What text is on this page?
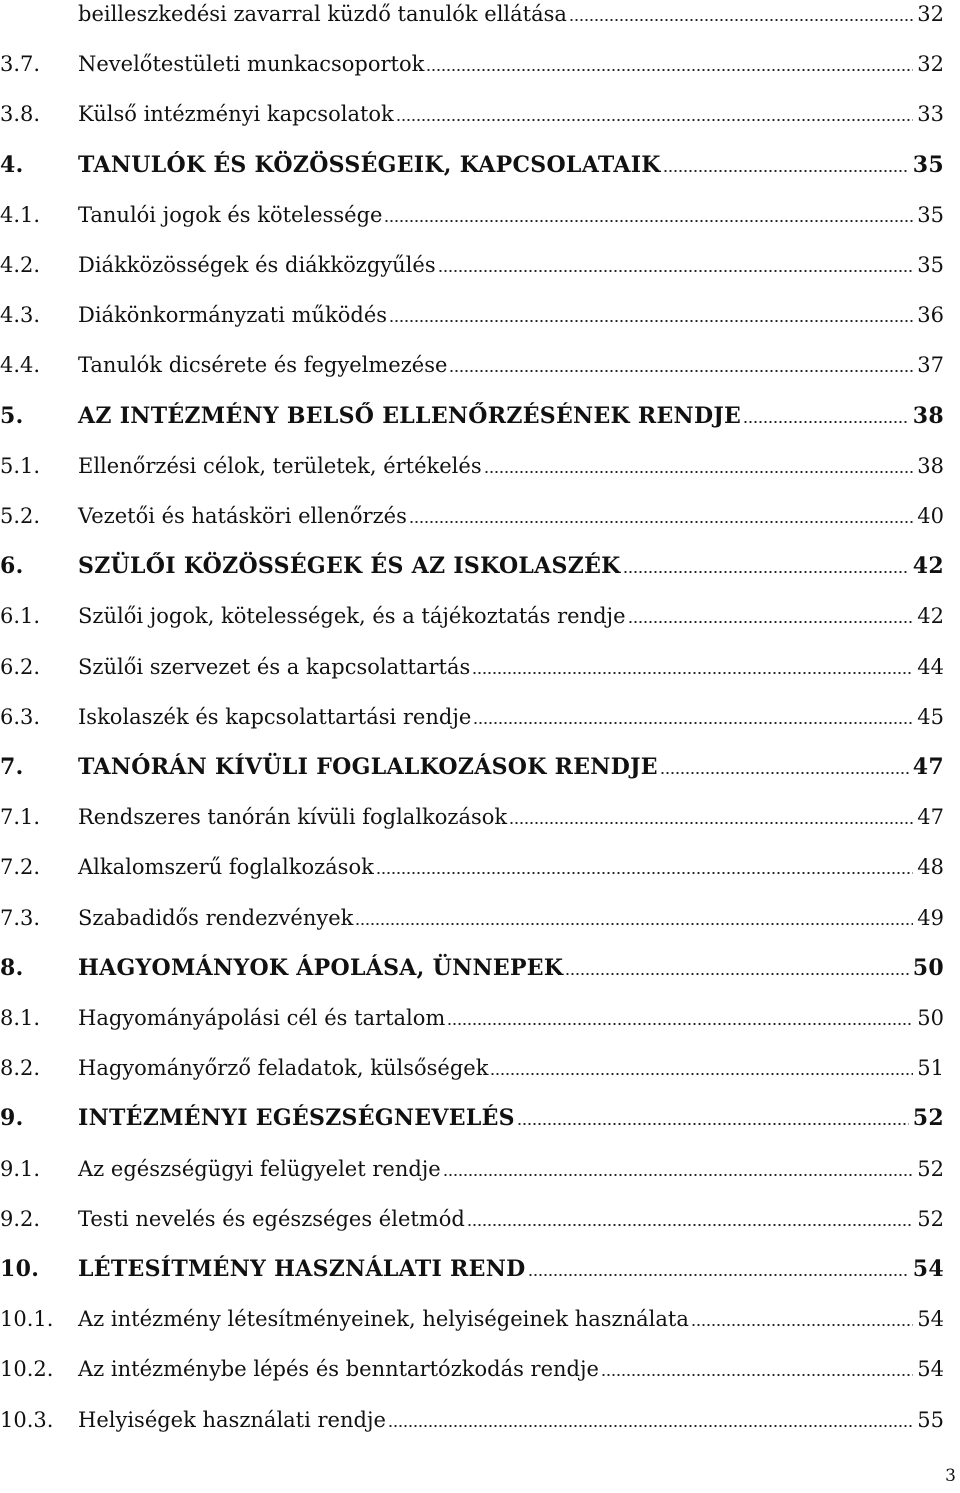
beilleszkedési zavarral küzdő tanulók ellátása	32
3.7.	Nevelőtestületi munkacsoportok	32
3.8.	Külső intézményi kapcsolatok	33
4.	TANULÓK ÉS KÖZÖSSÉGEIK, KAPCSOLATAIK	35
4.1.	Tanulói jogok és kötelessége	35
4.2.	Diákközösségek és diákközgyűlés	35
4.3.	Diákönkormányzati működés	36
4.4.	Tanulók dicsérete és fegyelmezése	37
5.	AZ INTÉZMÉNY BELSŐ ELLENŐRZÉSÉNEK RENDJE	38
5.1.	Ellenőrzési célok, területek, értékelés	38
5.2.	Vezetői és hatásköri ellenőrzés	40
6.	SZÜLŐI KÖZÖSSÉGEK ÉS AZ ISKOLASZÉK	42
6.1.	Szülői jogok, kötelességek, és a tájékoztatás rendje	42
6.2.	Szülői szervezet és a kapcsolattartás	44
6.3.	Iskolaszék és kapcsolattartási rendje	45
7.	TANÓRÁN KÍVÜLI FOGLALKOZÁSOK RENDJE	47
7.1.	Rendszeres tanórán kívüli foglalkozások	47
7.2.	Alkalomszerű foglalkozások	48
7.3.	Szabadidős rendezvények	49
8.	HAGYOMÁNYOK ÁPOLÁSA, ÜNNEPEK	50
8.1.	Hagyományápolási cél és tartalom	50
8.2.	Hagyományőrző feladatok, külsőségek	51
9.	INTÉZMÉNYI EGÉSZSÉGNEVELÉS	52
9.1.	Az egészségügyi felügyelet rendje	52
9.2.	Testi nevelés és egészséges életmód	52
10.	LÉTESÍTMÉNY HASZNÁLATI REND	54
10.1.	Az intézmény létesítményeinek, helyiségeinek használata	54
10.2.	Az intézménybe lépés és benntartózkodás rendje	54
10.3.	Helyiségek használati rendje	55
3
